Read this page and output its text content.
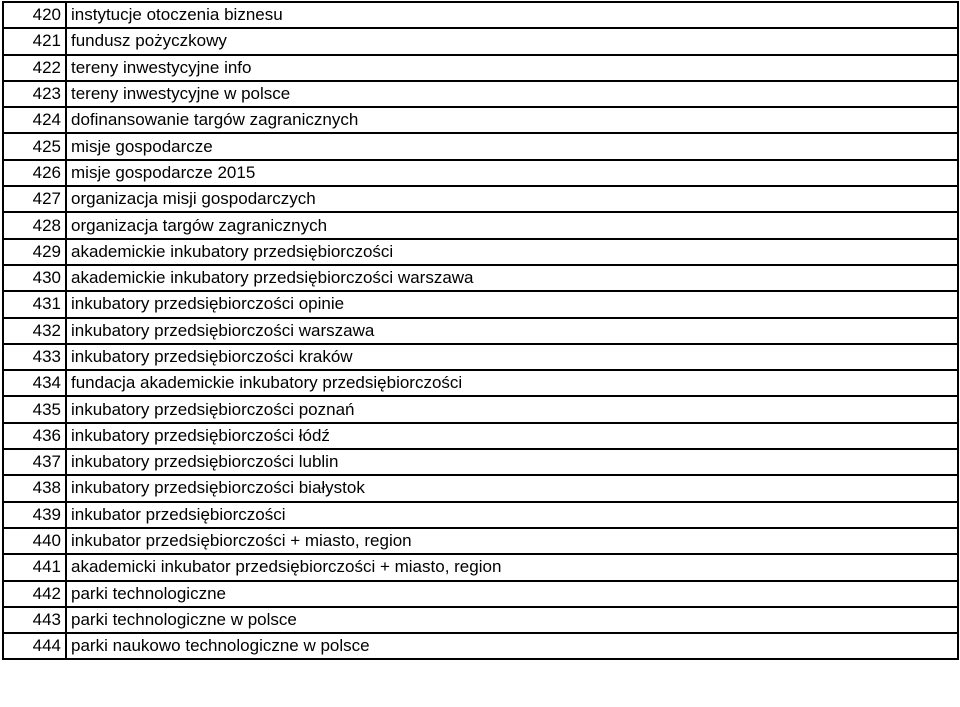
420	instytucje otoczenia biznesu
421	fundusz pożyczkowy
422	tereny inwestycyjne info
423	tereny inwestycyjne w polsce
424	dofinansowanie targów zagranicznych
425	misje gospodarcze
426	misje gospodarcze 2015
427	organizacja misji gospodarczych
428	organizacja targów zagranicznych
429	akademickie inkubatory przedsiębiorczości
430	akademickie inkubatory przedsiębiorczości warszawa
431	inkubatory przedsiębiorczości opinie
432	inkubatory przedsiębiorczości warszawa
433	inkubatory przedsiębiorczości kraków
434	fundacja akademickie inkubatory przedsiębiorczości
435	inkubatory przedsiębiorczości poznań
436	inkubatory przedsiębiorczości łódź
437	inkubatory przedsiębiorczości lublin
438	inkubatory przedsiębiorczości białystok
439	inkubator przedsiębiorczości
440	inkubator przedsiębiorczości + miasto, region
441	akademicki inkubator przedsiębiorczości + miasto, region
442	parki technologiczne
443	parki technologiczne w polsce
444	parki naukowo technologiczne w polsce
